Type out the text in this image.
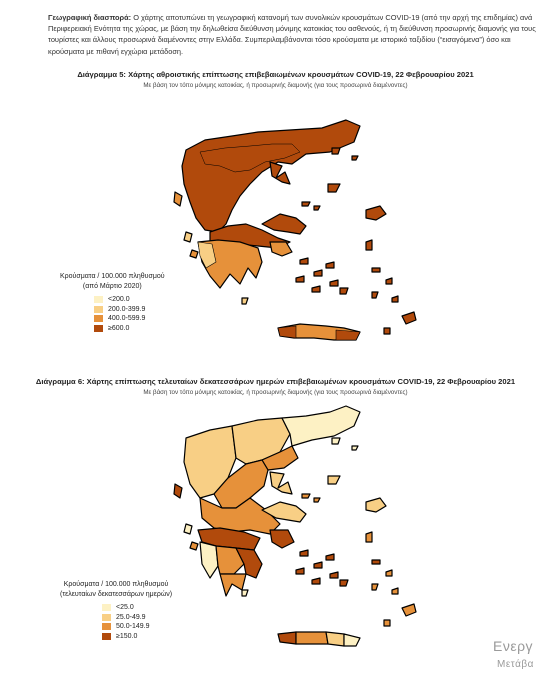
Γεωγραφική διασπορά: Ο χάρτης αποτυπώνει τη γεωγραφική κατανομή των συνολικών κρουσμάτων COVID-19 (από την αρχή της επιδημίας) ανά Περιφερειακή Ενότητα της χώρας, με βάση την δηλωθείσα διεύθυνση μόνιμης κατοικίας του ασθενούς, ή τη διεύθυνση προσωρινής διαμονής για τους τουρίστες και άλλους προσωρινά διαμένοντες στην Ελλάδα. Συμπεριλαμβάνονται τόσο κρούσματα με ιστορικό ταξιδίου (“εισαγόμενα”) όσο και κρούσματα με πιθανή εγχώρια μετάδοση.
Διάγραμμα 5: Χάρτης αθροιστικής επίπτωσης επιβεβαιωμένων κρουσμάτων COVID-19, 22 Φεβρουαρίου 2021
Με βάση τον τόπο μόνιμης κατοικίας, ή προσωρινής διαμονής (για τους προσωρινά διαμένοντες)
Κρούσματα / 100.000 πληθυσμού
(από Μάρτιο 2020)
<200.0
200.0-399.9
400.0-599.9
≥600.0
Διάγραμμα 6: Χάρτης επίπτωσης τελευταίων δεκατεσσάρων ημερών επιβεβαιωμένων κρουσμάτων COVID-19, 22 Φεβρουαρίου 2021
Με βάση τον τόπο μόνιμης κατοικίας, ή προσωρινής διαμονής (για τους προσωρινά διαμένοντες)
Κρούσματα / 100.000 πληθυσμού
(τελευταίων δεκατεσσάρων ημερών)
<25.0
25.0-49.9
50.0-149.9
≥150.0
Ενεργ
Μετάβα
